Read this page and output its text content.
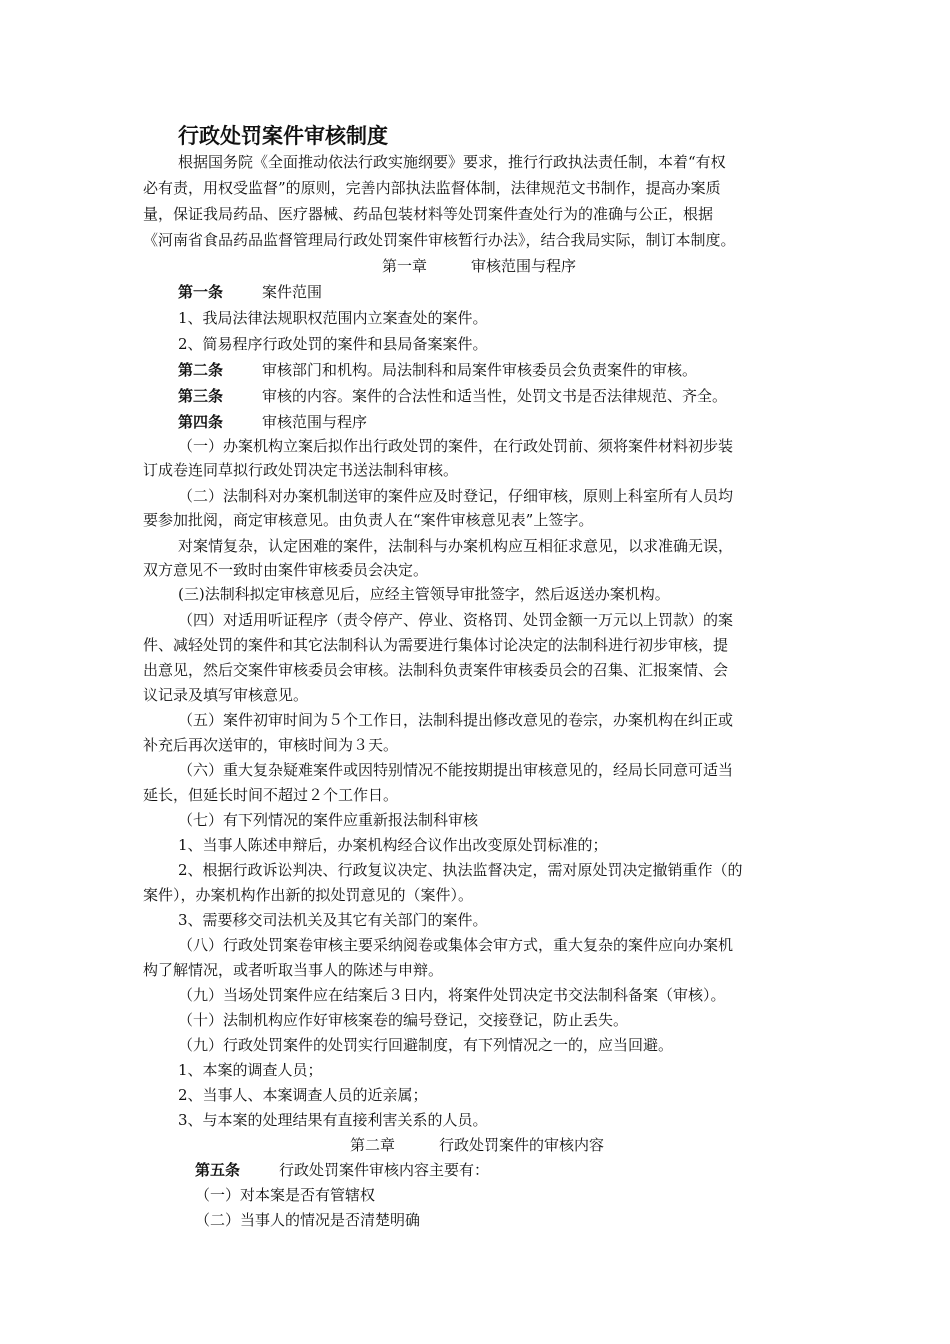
行政处罚案件审核制度

根据国务院《全面推动依法行政实施纲要》要求，推行行政执法责任制，本着“有权

必有责，用权受监督”的原则，完善内部执法监督体制，法律规范文书制作，提高办案质

量，保证我局药品、医疗器械、药品包装材料等处罚案件查处行为的准确与公正，根据

《河南省食品药品监督管理局行政处罚案件审核暂行办法》，结合我局实际，制订本制度。

第一章	审核范围与程序

第一条	案件范围

1、我局法律法规职权范围内立案查处的案件。

2、简易程序行政处罚的案件和县局备案案件。

第二条	审核部门和机构。局法制科和局案件审核委员会负责案件的审核。

第三条	审核的内容。案件的合法性和适当性，处罚文书是否法律规范、齐全。

第四条	审核范围与程序

（一）办案机构立案后拟作出行政处罚的案件，在行政处罚前、须将案件材料初步装

订成卷连同草拟行政处罚决定书送法制科审核。

（二）法制科对办案机制送审的案件应及时登记，仔细审核，原则上科室所有人员均

要参加批阅，商定审核意见。由负责人在“案件审核意见表”上签字。

对案情复杂，认定困难的案件，法制科与办案机构应互相征求意见，以求准确无误，

双方意见不一致时由案件审核委员会决定。

(三)法制科拟定审核意见后，应经主管领导审批签字，然后返送办案机构。

（四）对适用听证程序（责令停产、停业、资格罚、处罚金额一万元以上罚款）的案

件、减轻处罚的案件和其它法制科认为需要进行集体讨论决定的法制科进行初步审核，提

出意见，然后交案件审核委员会审核。法制科负责案件审核委员会的召集、汇报案情、会

议记录及填写审核意见。

（五）案件初审时间为５个工作日，法制科提出修改意见的卷宗，办案机构在纠正或

补充后再次送审的，审核时间为３天。

（六）重大复杂疑难案件或因特别情况不能按期提出审核意见的，经局长同意可适当

延长，但延长时间不超过２个工作日。

（七）有下列情况的案件应重新报法制科审核

1、当事人陈述申辩后，办案机构经合议作出改变原处罚标准的；

2、根据行政诉讼判决、行政复议决定、执法监督决定，需对原处罚决定撤销重作（的

案件），办案机构作出新的拟处罚意见的（案件）。

3、需要移交司法机关及其它有关部门的案件。

（八）行政处罚案卷审核主要采纳阅卷或集体会审方式，重大复杂的案件应向办案机

构了解情况，或者听取当事人的陈述与申辩。

（九）当场处罚案件应在结案后３日内，将案件处罚决定书交法制科备案（审核）。

（十）法制机构应作好审核案卷的编号登记，交接登记，防止丢失。

（九）行政处罚案件的处罚实行回避制度，有下列情况之一的，应当回避。

1、本案的调查人员；

2、当事人、本案调查人员的近亲属；

3、与本案的处理结果有直接利害关系的人员。

第二章	行政处罚案件的审核内容

第五条	行政处罚案件审核内容主要有：

（一）对本案是否有管辖权

（二）当事人的情况是否清楚明确
